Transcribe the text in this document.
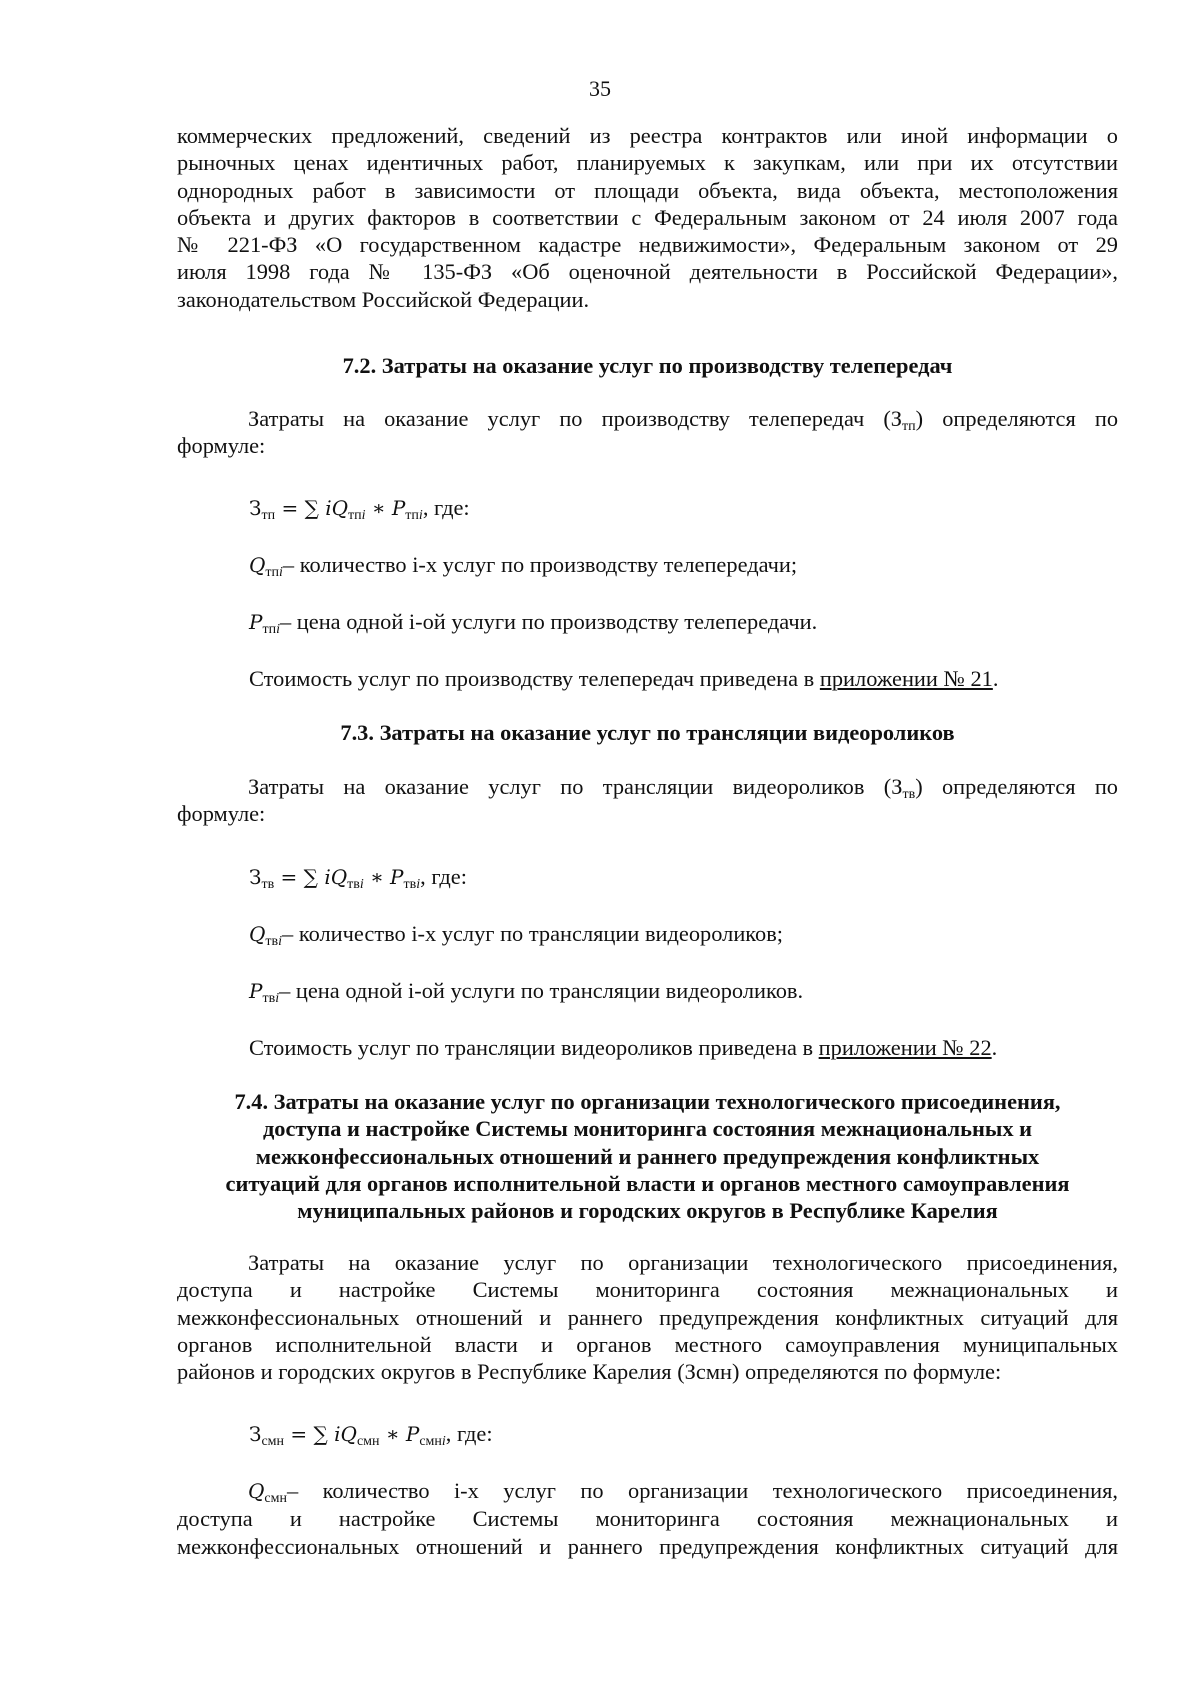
35
коммерческих предложений, сведений из реестра контрактов или иной информации о
рыночных ценах идентичных работ, планируемых к закупкам, или при их отсутствии
однородных работ в зависимости от площади объекта, вида объекта, местоположения
объекта и других факторов в соответствии с Федеральным законом от 24 июля 2007 года
№ 221-ФЗ «О государственном кадастре недвижимости», Федеральным законом от 29
июля 1998 года № 135-ФЗ «Об оценочной деятельности в Российской Федерации»,
законодательством Российской Федерации.
7.2. Затраты на оказание услуг по производству телепередач
Затраты на оказание услуг по производству телепередач $(З_{тп})$ определяются по
формуле:
$З_{тп}$ = ∑ $iQ_{тпi}$ ∗ $P_{тпi}$, где:
$Q_{тпi}-$ количество i-х услуг по производству телепередачи;
$P_{тпi}-$ цена одной i-ой услуги по производству телепередачи.
Стоимость услуг по производству телепередач приведена в приложении № 21.
7.3. Затраты на оказание услуг по трансляции видеороликов
Затраты на оказание услуг по трансляции видеороликов $(З_{тв})$ определяются по
формуле:
$З_{тв}$ = ∑ $iQ_{твi}$ ∗ $P_{твi}$, где:
$Q_{твi}-$ количество i-х услуг по трансляции видеороликов;
$P_{твi}-$ цена одной i-ой услуги по трансляции видеороликов.
Стоимость услуг по трансляции видеороликов приведена в приложении № 22.
7.4. Затраты на оказание услуг по организации технологического присоединения,
доступа и настройке Системы мониторинга состояния межнациональных и
межконфессиональных отношений и раннего предупреждения конфликтных
ситуаций для органов исполнительной власти и органов местного самоуправления
муниципальных районов и городских округов в Республике Карелия
Затраты на оказание услуг по организации технологического присоединения,
доступа и настройке Системы мониторинга состояния межнациональных и
межконфессиональных отношений и раннего предупреждения конфликтных ситуаций для
органов исполнительной власти и органов местного самоуправления муниципальных
районов и городских округов в Республике Карелия (Зсмн) определяются по формуле:
$З_{смн}$ = ∑ $iQ_{смн}$ ∗ $P_{смнi}$, где:
$Q_{смн}-$ количество i-х услуг по организации технологического присоединения,
доступа и настройке Системы мониторинга состояния межнациональных и
межконфессиональных отношений и раннего предупреждения конфликтных ситуаций для
